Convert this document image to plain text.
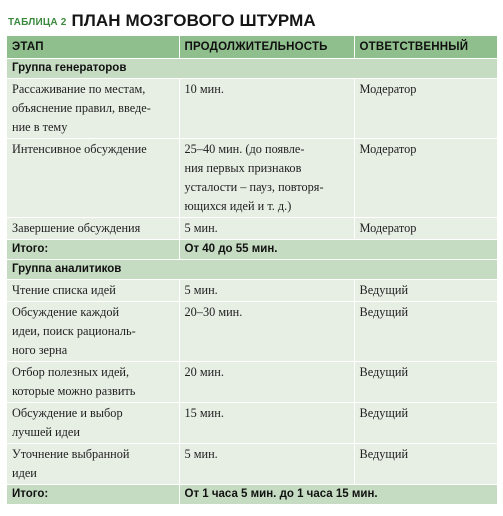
ТАБЛИЦА 2 ПЛАН МОЗГОВОГО ШТУРМА
ЭТАП	ПРОДОЛЖИТЕЛЬНОСТЬ	ОТВЕТСТВЕННЫЙ
Группа генераторов		
Рассаживание по местам,
объяснение правил, введе-
ние в тему	10 мин.	Модератор
Интенсивное обсуждение	25–40 мин. (до появле-
ния первых признаков
усталости – пауз, повторя-
ющихся идей и т. д.)	Модератор
Завершение обсуждения	5 мин.	Модератор
Итого:	От 40 до 55 мин.	
Группа аналитиков		
Чтение списка идей	5 мин.	Ведущий
Обсуждение каждой
идеи, поиск рациональ-
ного зерна	20–30 мин.	Ведущий
Отбор полезных идей,
которые можно развить	20 мин.	Ведущий
Обсуждение и выбор
лучшей идеи	15 мин.	Ведущий
Уточнение выбранной
идеи	5 мин.	Ведущий
Итого:	От 1 часа 5 мин. до 1 часа 15 мин.	
